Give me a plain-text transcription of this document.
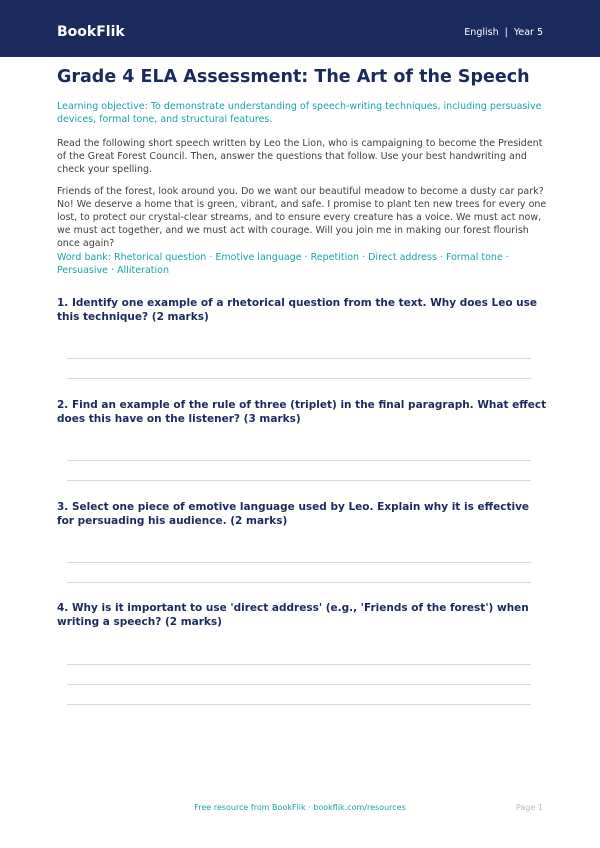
BookFlik	English | Year 5
Grade 4 ELA Assessment: The Art of the Speech
Learning objective: To demonstrate understanding of speech-writing techniques, including persuasive devices, formal tone, and structural features.
Read the following short speech written by Leo the Lion, who is campaigning to become the President of the Great Forest Council. Then, answer the questions that follow. Use your best handwriting and check your spelling.
Friends of the forest, look around you. Do we want our beautiful meadow to become a dusty car park? No! We deserve a home that is green, vibrant, and safe. I promise to plant ten new trees for every one lost, to protect our crystal-clear streams, and to ensure every creature has a voice. We must act now, we must act together, and we must act with courage. Will you join me in making our forest flourish once again?
Word bank: Rhetorical question · Emotive language · Repetition · Direct address · Formal tone · Persuasive · Alliteration
1. Identify one example of a rhetorical question from the text. Why does Leo use this technique? (2 marks)
2. Find an example of the rule of three (triplet) in the final paragraph. What effect does this have on the listener? (3 marks)
3. Select one piece of emotive language used by Leo. Explain why it is effective for persuading his audience. (2 marks)
4. Why is it important to use 'direct address' (e.g., 'Friends of the forest') when writing a speech? (2 marks)
Free resource from BookFlik · bookflik.com/resources	Page 1
